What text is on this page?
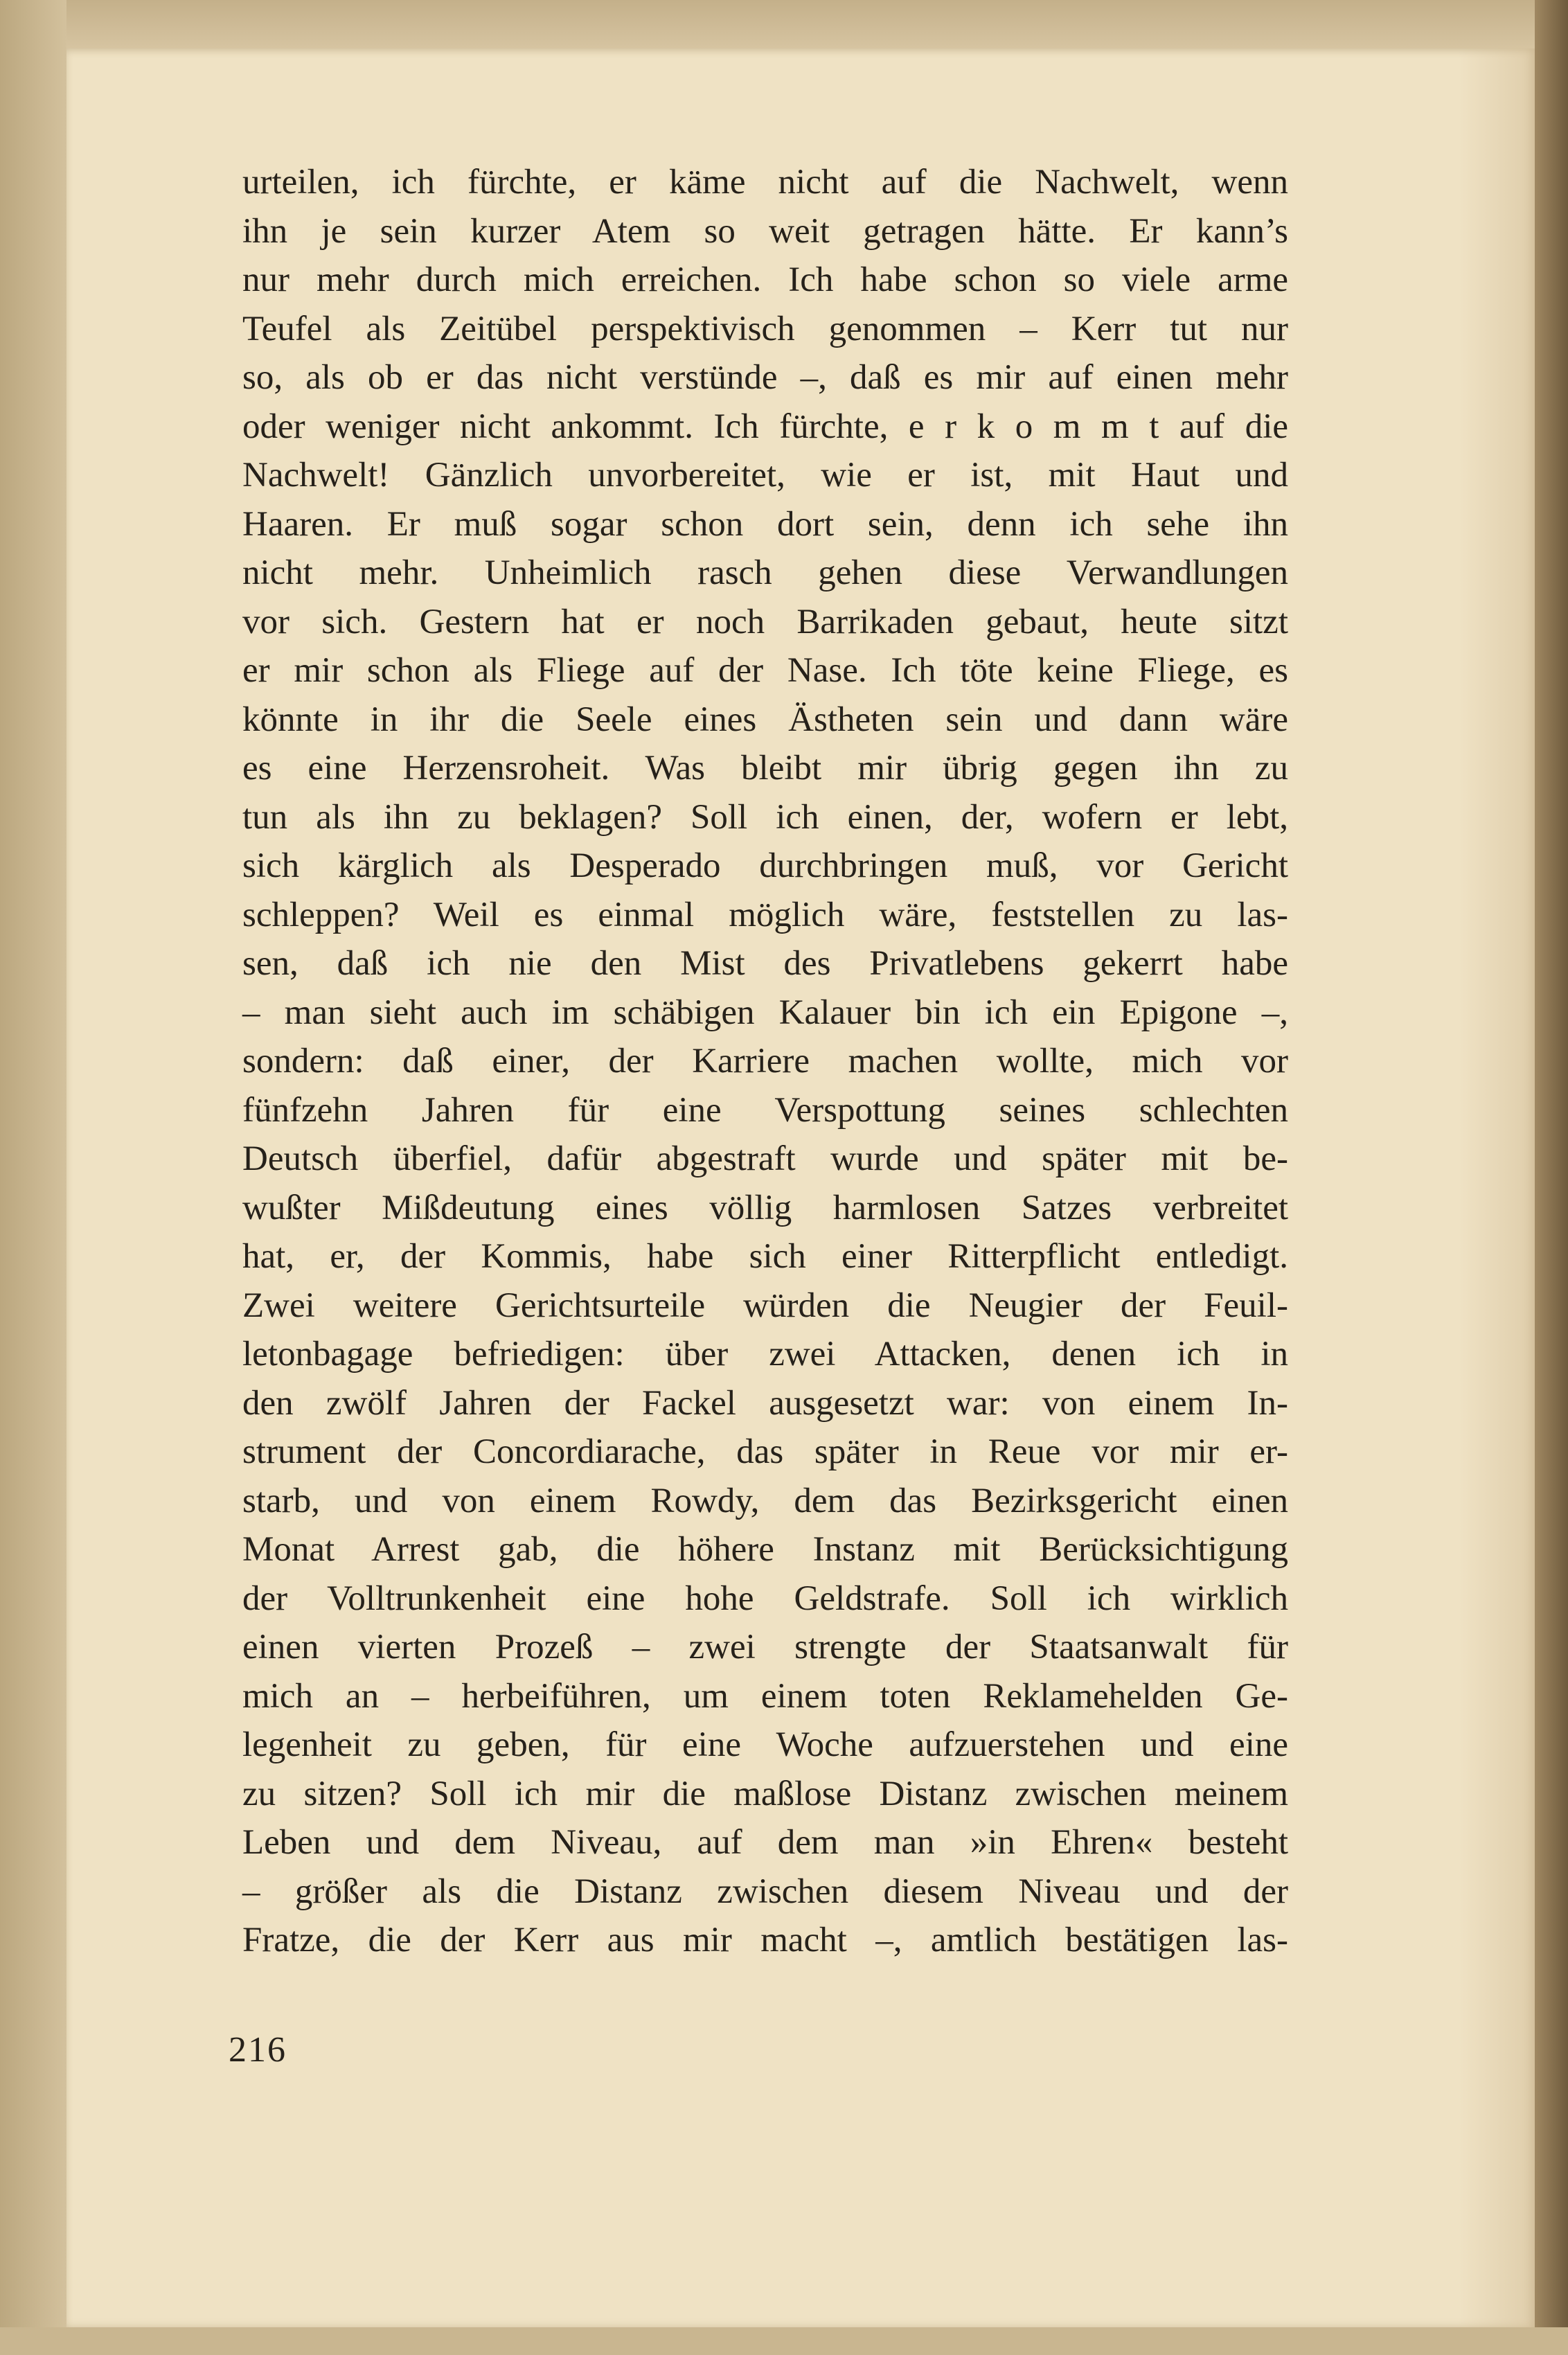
urteilen, ich fürchte, er käme nicht auf die Nachwelt, wenn
ihn je sein kurzer Atem so weit getragen hätte. Er kann’s
nur mehr durch mich erreichen. Ich habe schon so viele arme
Teufel als Zeitübel perspektivisch genommen – Kerr tut nur
so, als ob er das nicht verstünde –, daß es mir auf einen mehr
oder weniger nicht ankommt. Ich fürchte, e r k o m m t auf die
Nachwelt! Gänzlich unvorbereitet, wie er ist, mit Haut und
Haaren. Er muß sogar schon dort sein, denn ich sehe ihn
nicht mehr. Unheimlich rasch gehen diese Verwandlungen
vor sich. Gestern hat er noch Barrikaden gebaut, heute sitzt
er mir schon als Fliege auf der Nase. Ich töte keine Fliege, es
könnte in ihr die Seele eines Ästheten sein und dann wäre
es eine Herzensroheit. Was bleibt mir übrig gegen ihn zu
tun als ihn zu beklagen? Soll ich einen, der, wofern er lebt,
sich kärglich als Desperado durchbringen muß, vor Gericht
schleppen? Weil es einmal möglich wäre, feststellen zu las-
sen, daß ich nie den Mist des Privatlebens gekerrt habe
– man sieht auch im schäbigen Kalauer bin ich ein Epigone –,
sondern: daß einer, der Karriere machen wollte, mich vor
fünfzehn Jahren für eine Verspottung seines schlechten
Deutsch überfiel, dafür abgestraft wurde und später mit be-
wußter Mißdeutung eines völlig harmlosen Satzes verbreitet
hat, er, der Kommis, habe sich einer Ritterpflicht entledigt.
Zwei weitere Gerichtsurteile würden die Neugier der Feuil-
letonbagage befriedigen: über zwei Attacken, denen ich in
den zwölf Jahren der Fackel ausgesetzt war: von einem In-
strument der Concordiarache, das später in Reue vor mir er-
starb, und von einem Rowdy, dem das Bezirksgericht einen
Monat Arrest gab, die höhere Instanz mit Berücksichtigung
der Volltrunkenheit eine hohe Geldstrafe. Soll ich wirklich
einen vierten Prozeß – zwei strengte der Staatsanwalt für
mich an – herbeiführen, um einem toten Reklamehelden Ge-
legenheit zu geben, für eine Woche aufzuerstehen und eine
zu sitzen? Soll ich mir die maßlose Distanz zwischen meinem
Leben und dem Niveau, auf dem man »in Ehren« besteht
– größer als die Distanz zwischen diesem Niveau und der
Fratze, die der Kerr aus mir macht –, amtlich bestätigen las-
216
